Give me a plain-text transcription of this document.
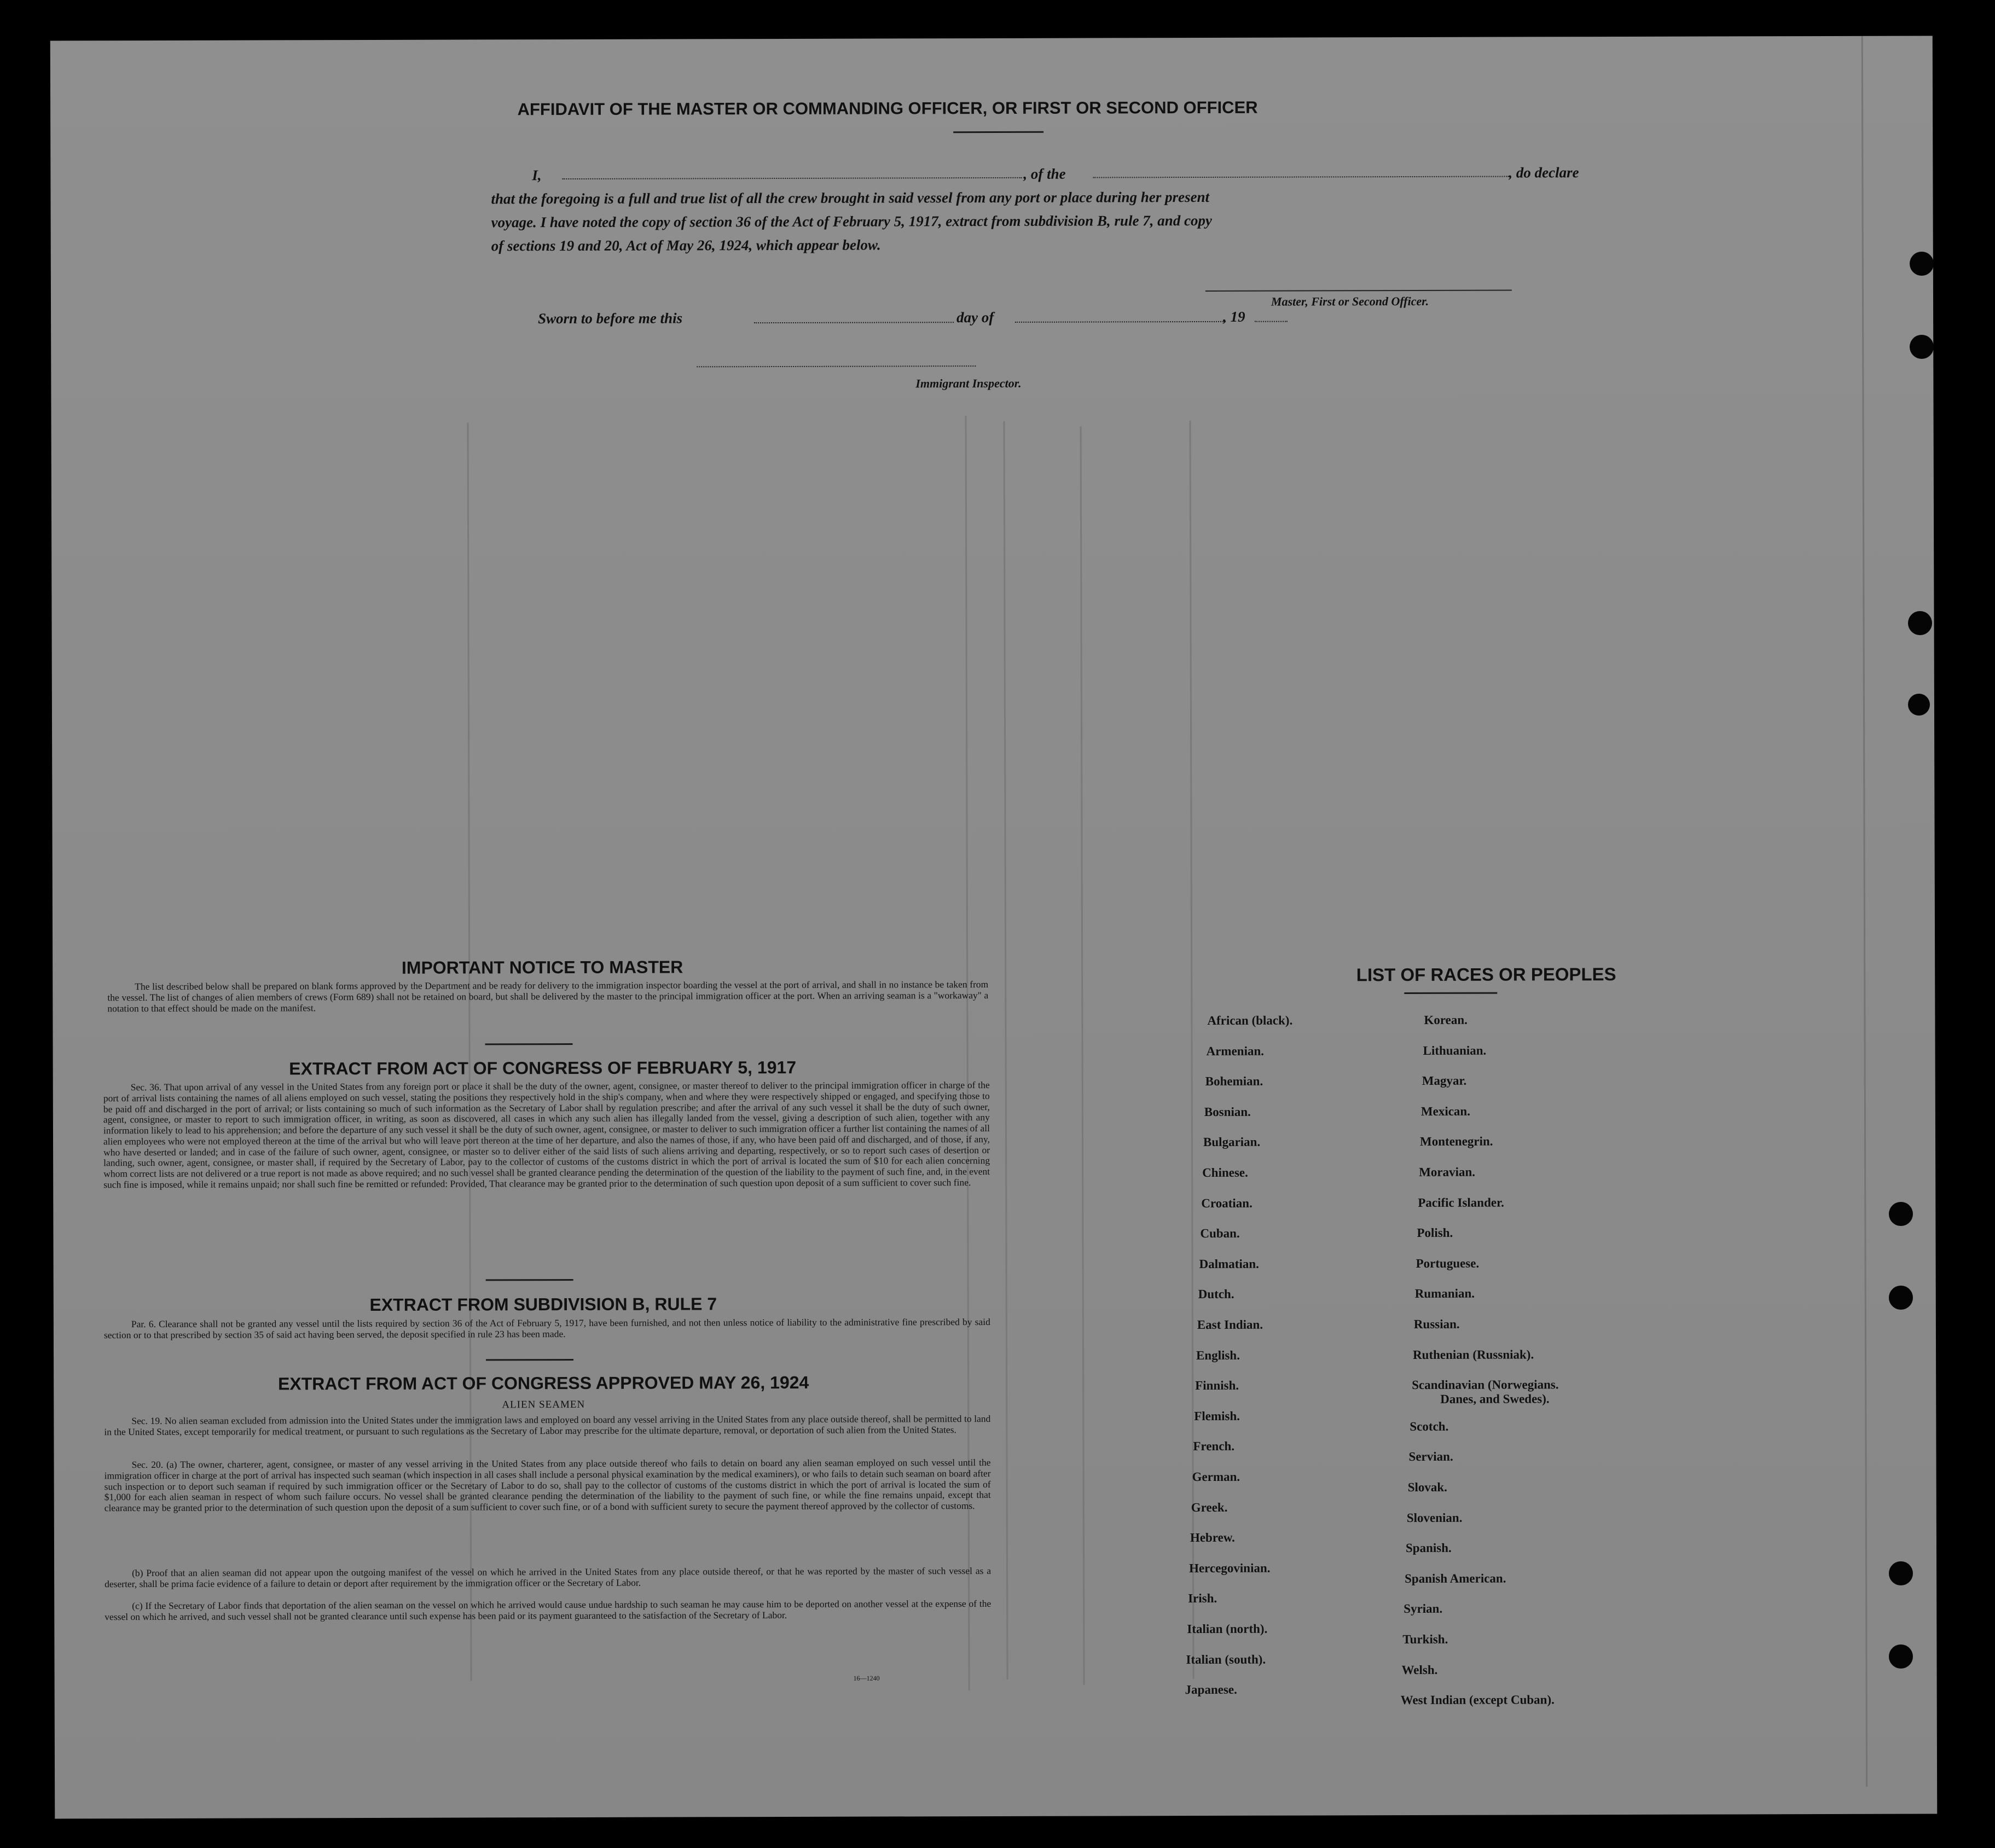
AFFIDAVIT OF THE MASTER OR COMMANDING OFFICER, OR FIRST OR SECOND OFFICER
I,	, of the	, do declare
that the foregoing is a full and true list of all the crew brought in said vessel from any port or place during her present
voyage. I have noted the copy of section 36 of the Act of February 5, 1917, extract from subdivision B, rule 7, and copy
of sections 19 and 20, Act of May 26, 1924, which appear below.
Master, First or Second Officer.
Sworn to before me this	day of	, 19
Immigrant Inspector.
IMPORTANT NOTICE TO MASTER
The list described below shall be prepared on blank forms approved by the Department and be ready for delivery to the immigration inspector boarding the vessel at the port of arrival, and shall in no instance be taken from the vessel. The list of changes of alien members of crews (Form 689) shall not be retained on board, but shall be delivered by the master to the principal immigration officer at the port. When an arriving seaman is a "workaway" a notation to that effect should be made on the manifest.
EXTRACT FROM ACT OF CONGRESS OF FEBRUARY 5, 1917
Sec. 36. That upon arrival of any vessel in the United States from any foreign port or place it shall be the duty of the owner, agent, consignee, or master thereof to deliver to the principal immigration officer in charge of the port of arrival lists containing the names of all aliens employed on such vessel, stating the positions they respectively hold in the ship's company, when and where they were respectively shipped or engaged, and specifying those to be paid off and discharged in the port of arrival; or lists containing so much of such information as the Secretary of Labor shall by regulation prescribe; and after the arrival of any such vessel it shall be the duty of such owner, agent, consignee, or master to report to such immigration officer, in writing, as soon as discovered, all cases in which any such alien has illegally landed from the vessel, giving a description of such alien, together with any information likely to lead to his apprehension; and before the departure of any such vessel it shall be the duty of such owner, agent, consignee, or master to deliver to such immigration officer a further list containing the names of all alien employees who were not employed thereon at the time of the arrival but who will leave port thereon at the time of her departure, and also the names of those, if any, who have been paid off and discharged, and of those, if any, who have deserted or landed; and in case of the failure of such owner, agent, consignee, or master so to deliver either of the said lists of such aliens arriving and departing, respectively, or so to report such cases of desertion or landing, such owner, agent, consignee, or master shall, if required by the Secretary of Labor, pay to the collector of customs of the customs district in which the port of arrival is located the sum of $10 for each alien concerning whom correct lists are not delivered or a true report is not made as above required; and no such vessel shall be granted clearance pending the determination of the question of the liability to the payment of such fine, and, in the event such fine is imposed, while it remains unpaid; nor shall such fine be remitted or refunded: Provided, That clearance may be granted prior to the determination of such question upon deposit of a sum sufficient to cover such fine.
EXTRACT FROM SUBDIVISION B, RULE 7
Par. 6. Clearance shall not be granted any vessel until the lists required by section 36 of the Act of February 5, 1917, have been furnished, and not then unless notice of liability to the administrative fine prescribed by said section or to that prescribed by section 35 of said act having been served, the deposit specified in rule 23 has been made.
EXTRACT FROM ACT OF CONGRESS APPROVED MAY 26, 1924
ALIEN SEAMEN
Sec. 19. No alien seaman excluded from admission into the United States under the immigration laws and employed on board any vessel arriving in the United States from any place outside thereof, shall be permitted to land in the United States, except temporarily for medical treatment, or pursuant to such regulations as the Secretary of Labor may prescribe for the ultimate departure, removal, or deportation of such alien from the United States.
Sec. 20. (a) The owner, charterer, agent, consignee, or master of any vessel arriving in the United States from any place outside thereof who fails to detain on board any alien seaman employed on such vessel until the immigration officer in charge at the port of arrival has inspected such seaman (which inspection in all cases shall include a personal physical examination by the medical examiners), or who fails to detain such seaman on board after such inspection or to deport such seaman if required by such immigration officer or the Secretary of Labor to do so, shall pay to the collector of customs of the customs district in which the port of arrival is located the sum of $1,000 for each alien seaman in respect of whom such failure occurs. No vessel shall be granted clearance pending the determination of the liability to the payment of such fine, or while the fine remains unpaid, except that clearance may be granted prior to the determination of such question upon the deposit of a sum sufficient to cover such fine, or of a bond with sufficient surety to secure the payment thereof approved by the collector of customs.
(b) Proof that an alien seaman did not appear upon the outgoing manifest of the vessel on which he arrived in the United States from any place outside thereof, or that he was reported by the master of such vessel as a deserter, shall be prima facie evidence of a failure to detain or deport after requirement by the immigration officer or the Secretary of Labor.
(c) If the Secretary of Labor finds that deportation of the alien seaman on the vessel on which he arrived would cause undue hardship to such seaman he may cause him to be deported on another vessel at the expense of the vessel on which he arrived, and such vessel shall not be granted clearance until such expense has been paid or its payment guaranteed to the satisfaction of the Secretary of Labor.
16—1240
LIST OF RACES OR PEOPLES
African (black).
Armenian.
Bohemian.
Bosnian.
Bulgarian.
Chinese.
Croatian.
Cuban.
Dalmatian.
Dutch.
East Indian.
English.
Finnish.
Flemish.
French.
German.
Greek.
Hebrew.
Hercegovinian.
Irish.
Italian (north).
Italian (south).
Japanese.
Korean.
Lithuanian.
Magyar.
Mexican.
Montenegrin.
Moravian.
Pacific Islander.
Polish.
Portuguese.
Rumanian.
Russian.
Ruthenian (Russniak).
Scandinavian (Norwegians.
Danes, and Swedes).
Scotch.
Servian.
Slovak.
Slovenian.
Spanish.
Spanish American.
Syrian.
Turkish.
Welsh.
West Indian (except Cuban).
